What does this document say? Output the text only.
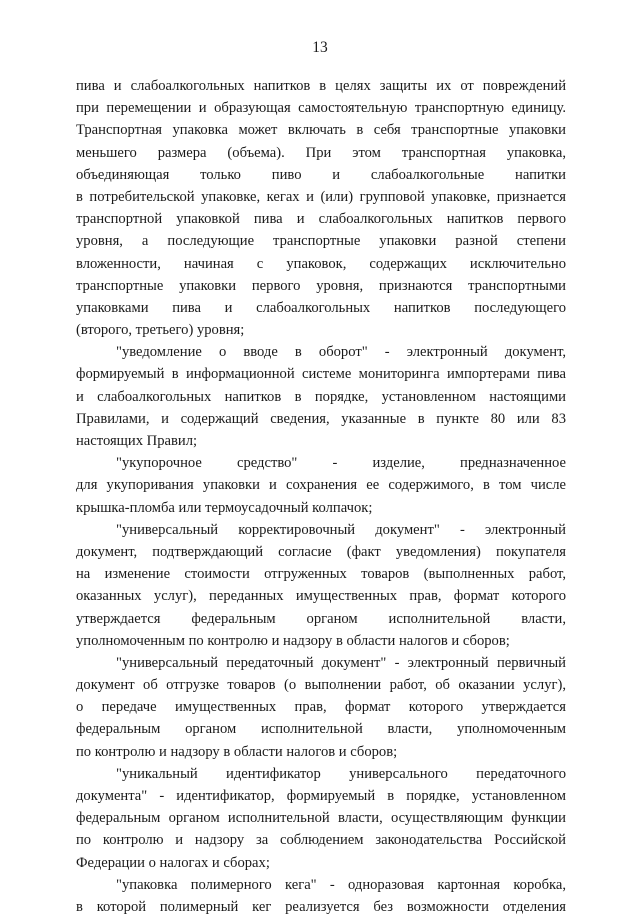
13
пива и слабоалкогольных напитков в целях защиты их от повреждений
при перемещении и образующая самостоятельную транспортную единицу.
Транспортная упаковка может включать в себя транспортные упаковки
меньшего размера (объема). При этом транспортная упаковка,
объединяющая только пиво и слабоалкогольные напитки
в потребительской упаковке, кегах и (или) групповой упаковке, признается
транспортной упаковкой пива и слабоалкогольных напитков первого
уровня, а последующие транспортные упаковки разной степени
вложенности, начиная с упаковок, содержащих исключительно
транспортные упаковки первого уровня, признаются транспортными
упаковками пива и слабоалкогольных напитков последующего
(второго, третьего) уровня;
"уведомление о вводе в оборот" - электронный документ,
формируемый в информационной системе мониторинга импортерами пива
и слабоалкогольных напитков в порядке, установленном настоящими
Правилами, и содержащий сведения, указанные в пункте 80 или 83
настоящих Правил;
"укупорочное средство" - изделие, предназначенное
для укупоривания упаковки и сохранения ее содержимого, в том числе
крышка-пломба или термоусадочный колпачок;
"универсальный корректировочный документ" - электронный
документ, подтверждающий согласие (факт уведомления) покупателя
на изменение стоимости отгруженных товаров (выполненных работ,
оказанных услуг), переданных имущественных прав, формат которого
утверждается федеральным органом исполнительной власти,
уполномоченным по контролю и надзору в области налогов и сборов;
"универсальный передаточный документ" - электронный первичный
документ об отгрузке товаров (о выполнении работ, об оказании услуг),
о передаче имущественных прав, формат которого утверждается
федеральным органом исполнительной власти, уполномоченным
по контролю и надзору в области налогов и сборов;
"уникальный идентификатор универсального передаточного
документа" - идентификатор, формируемый в порядке, установленном
федеральным органом исполнительной власти, осуществляющим функции
по контролю и надзору за соблюдением законодательства Российской
Федерации о налогах и сборах;
"упаковка полимерного кега" - одноразовая картонная коробка,
в которой полимерный кег реализуется без возможности отделения
